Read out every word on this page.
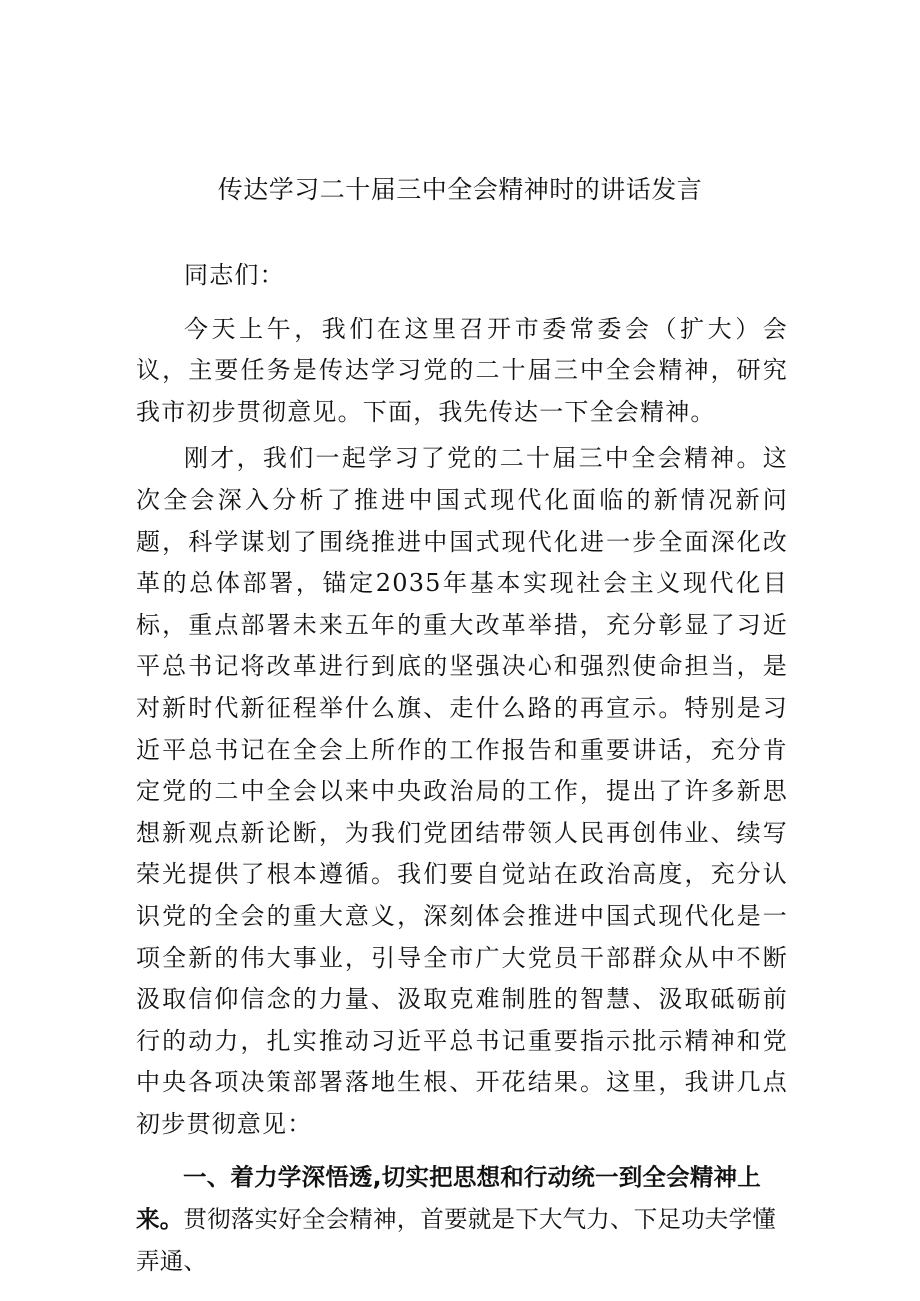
传达学习二十届三中全会精神时的讲话发言

同志们：

今天上午，我们在这里召开市委常委会（扩大）会议，主要任务是传达学习党的二十届三中全会精神，研究我市初步贯彻意见。下面，我先传达一下全会精神。

刚才，我们一起学习了党的二十届三中全会精神。这次全会深入分析了推进中国式现代化面临的新情况新问题，科学谋划了围绕推进中国式现代化进一步全面深化改革的总体部署，锚定2035年基本实现社会主义现代化目标，重点部署未来五年的重大改革举措，充分彰显了习近平总书记将改革进行到底的坚强决心和强烈使命担当，是对新时代新征程举什么旗、走什么路的再宣示。特别是习近平总书记在全会上所作的工作报告和重要讲话，充分肯定党的二中全会以来中央政治局的工作，提出了许多新思想新观点新论断，为我们党团结带领人民再创伟业、续写荣光提供了根本遵循。我们要自觉站在政治高度，充分认识党的全会的重大意义，深刻体会推进中国式现代化是一项全新的伟大事业，引导全市广大党员干部群众从中不断汲取信仰信念的力量、汲取克难制胜的智慧、汲取砥砺前行的动力，扎实推动习近平总书记重要指示批示精神和党中央各项决策部署落地生根、开花结果。这里，我讲几点初步贯彻意见：

一、着力学深悟透,切实把思想和行动统一到全会精神上来。贯彻落实好全会精神，首要就是下大气力、下足功夫学懂弄通、
